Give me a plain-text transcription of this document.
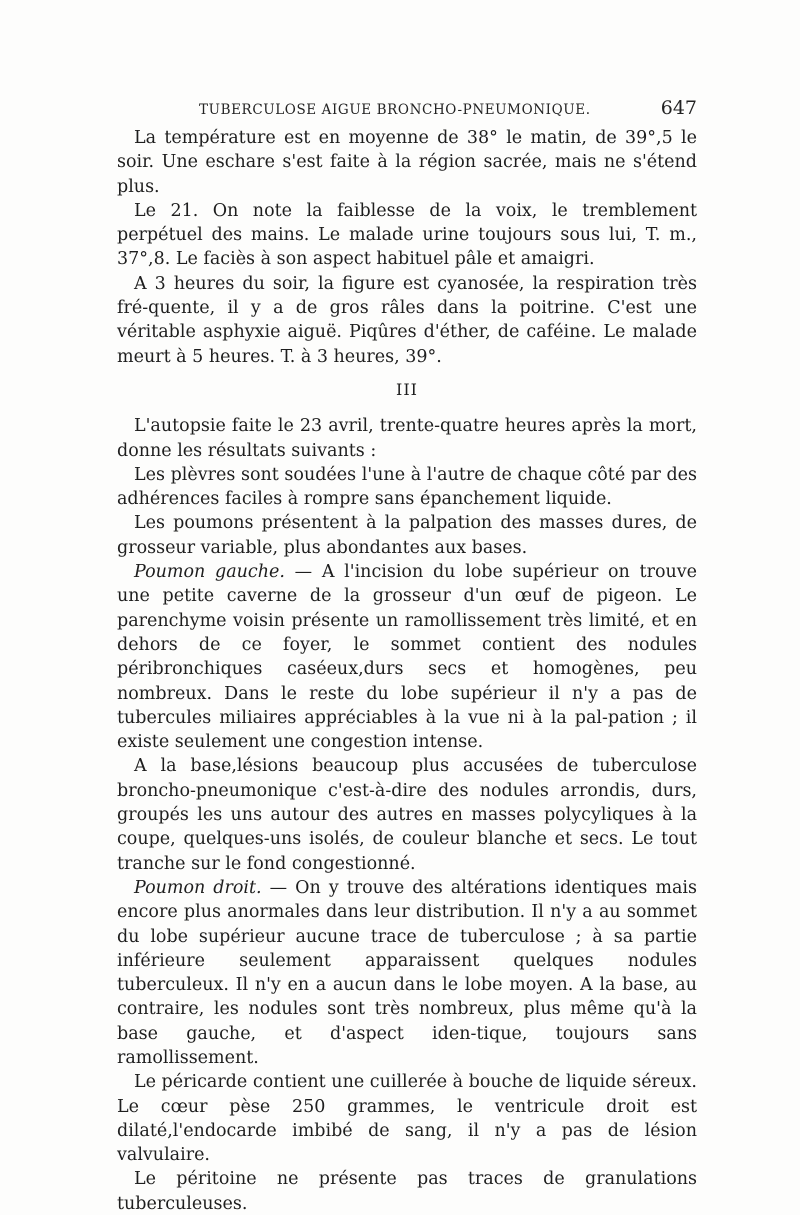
TUBERCULOSE AIGUE BRONCHO-PNEUMONIQUE.	647

La température est en moyenne de 38° le matin, de 39°,5 le soir. Une eschare s'est faite à la région sacrée, mais ne s'étend plus.

Le 21. On note la faiblesse de la voix, le tremblement perpétuel des mains. Le malade urine toujours sous lui, T. m., 37°,8. Le faciès à son aspect habituel pâle et amaigri.

A 3 heures du soir, la figure est cyanosée, la respiration très fré-quente, il y a de gros râles dans la poitrine. C'est une véritable asphyxie aiguë. Piqûres d'éther, de caféine. Le malade meurt à 5 heures. T. à 3 heures, 39°.

III

L'autopsie faite le 23 avril, trente-quatre heures après la mort, donne les résultats suivants :

Les plèvres sont soudées l'une à l'autre de chaque côté par des adhérences faciles à rompre sans épanchement liquide.

Les poumons présentent à la palpation des masses dures, de grosseur variable, plus abondantes aux bases.

Poumon gauche. — A l'incision du lobe supérieur on trouve une petite caverne de la grosseur d'un œuf de pigeon. Le parenchyme voisin présente un ramollissement très limité, et en dehors de ce foyer, le sommet contient des nodules péribronchiques caséeux,durs secs et homogènes, peu nombreux. Dans le reste du lobe supérieur il n'y a pas de tubercules miliaires appréciables à la vue ni à la pal-pation ; il existe seulement une congestion intense.

A la base,lésions beaucoup plus accusées de tuberculose broncho-pneumonique c'est-à-dire des nodules arrondis, durs, groupés les uns autour des autres en masses polycyliques à la coupe, quelques-uns isolés, de couleur blanche et secs. Le tout tranche sur le fond congestionné.

Poumon droit. — On y trouve des altérations identiques mais encore plus anormales dans leur distribution. Il n'y a au sommet du lobe supérieur aucune trace de tuberculose ; à sa partie inférieure seulement apparaissent quelques nodules tuberculeux. Il n'y en a aucun dans le lobe moyen. A la base, au contraire, les nodules sont très nombreux, plus même qu'à la base gauche, et d'aspect iden-tique, toujours sans ramollissement.

Le péricarde contient une cuillerée à bouche de liquide séreux. Le cœur pèse 250 grammes, le ventricule droit est dilaté,l'endocarde imbibé de sang, il n'y a pas de lésion valvulaire.

Le péritoine ne présente pas traces de granulations tuberculeuses.
